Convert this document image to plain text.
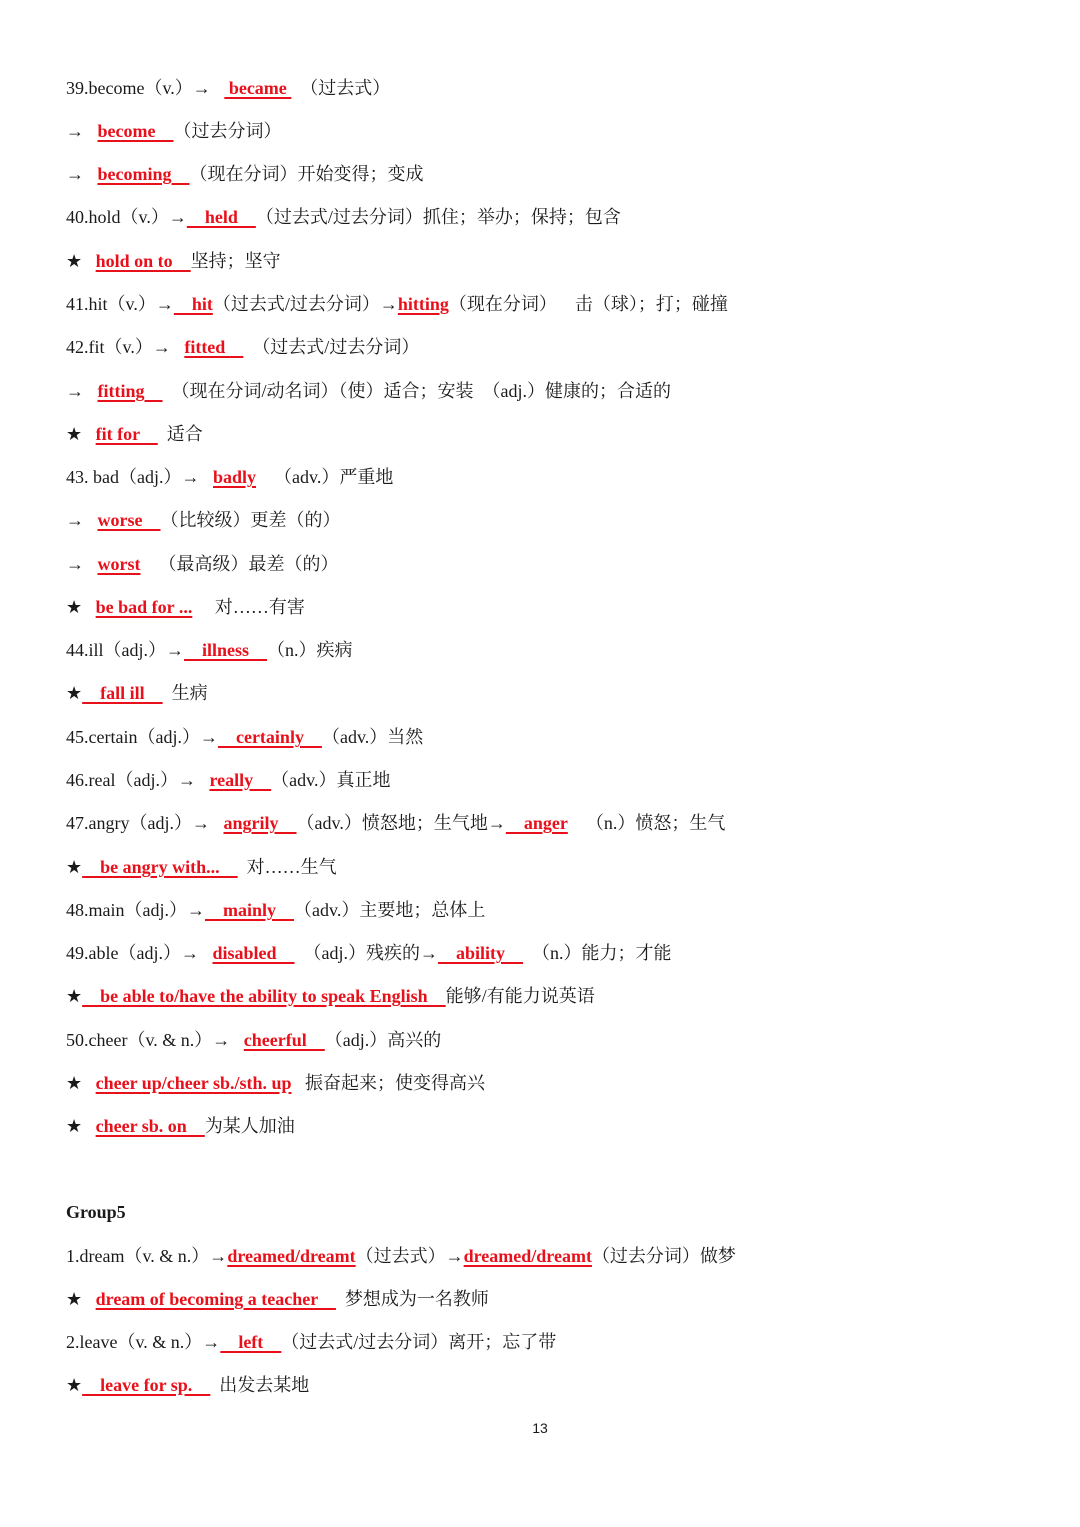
13
39.become（v.）→    became   （过去式）
→   become    （过去分词）
→   becoming    （现在分词）开始变得；变成
40.hold（v.）→    held    （过去式/过去分词）抓住；举办；保持；包含
★   hold on to    坚持；坚守
41.hit（v.）→    hit（过去式/过去分词）→hitting（现在分词）    击（球）；打；碰撞
42.fit（v.）→   fitted      （过去式/过去分词）
→   fitting      （现在分词/动名词）（使）适合；安装  （adj.）健康的；合适的
★   fit for      适合
43. bad（adj.）→   badly    （adv.）严重地
→   worse    （比较级）更差（的）
→   worst    （最高级）最差（的）
★   be bad for ...     对……有害
44.ill（adj.）→    illness    （n.）疾病
★    fall ill      生病
45.certain（adj.）→    certainly    （adv.）当然
46.real（adj.）→   really    （adv.）真正地
47.angry（adj.）→   angrily    （adv.）愤怒地；生气地→    anger    （n.）愤怒；生气
★    be angry with...      对……生气
48.main（adj.）→    mainly    （adv.）主要地；总体上
49.able（adj.）→   disabled      （adj.）残疾的→    ability      （n.）能力；才能
★    be able to/have the ability to speak English    能够/有能力说英语
50.cheer（v. & n.）→   cheerful    （adj.）高兴的
★   cheer up/cheer sb./sth. up   振奋起来；使变得高兴
★   cheer sb. on    为某人加油
Group5
1.dream（v. & n.）→dreamed/dreamt（过去式）→dreamed/dreamt（过去分词）做梦
★   dream of becoming a teacher      梦想成为一名教师
2.leave（v. & n.）→    left    （过去式/过去分词）离开；忘了带
★    leave for sp.      出发去某地
